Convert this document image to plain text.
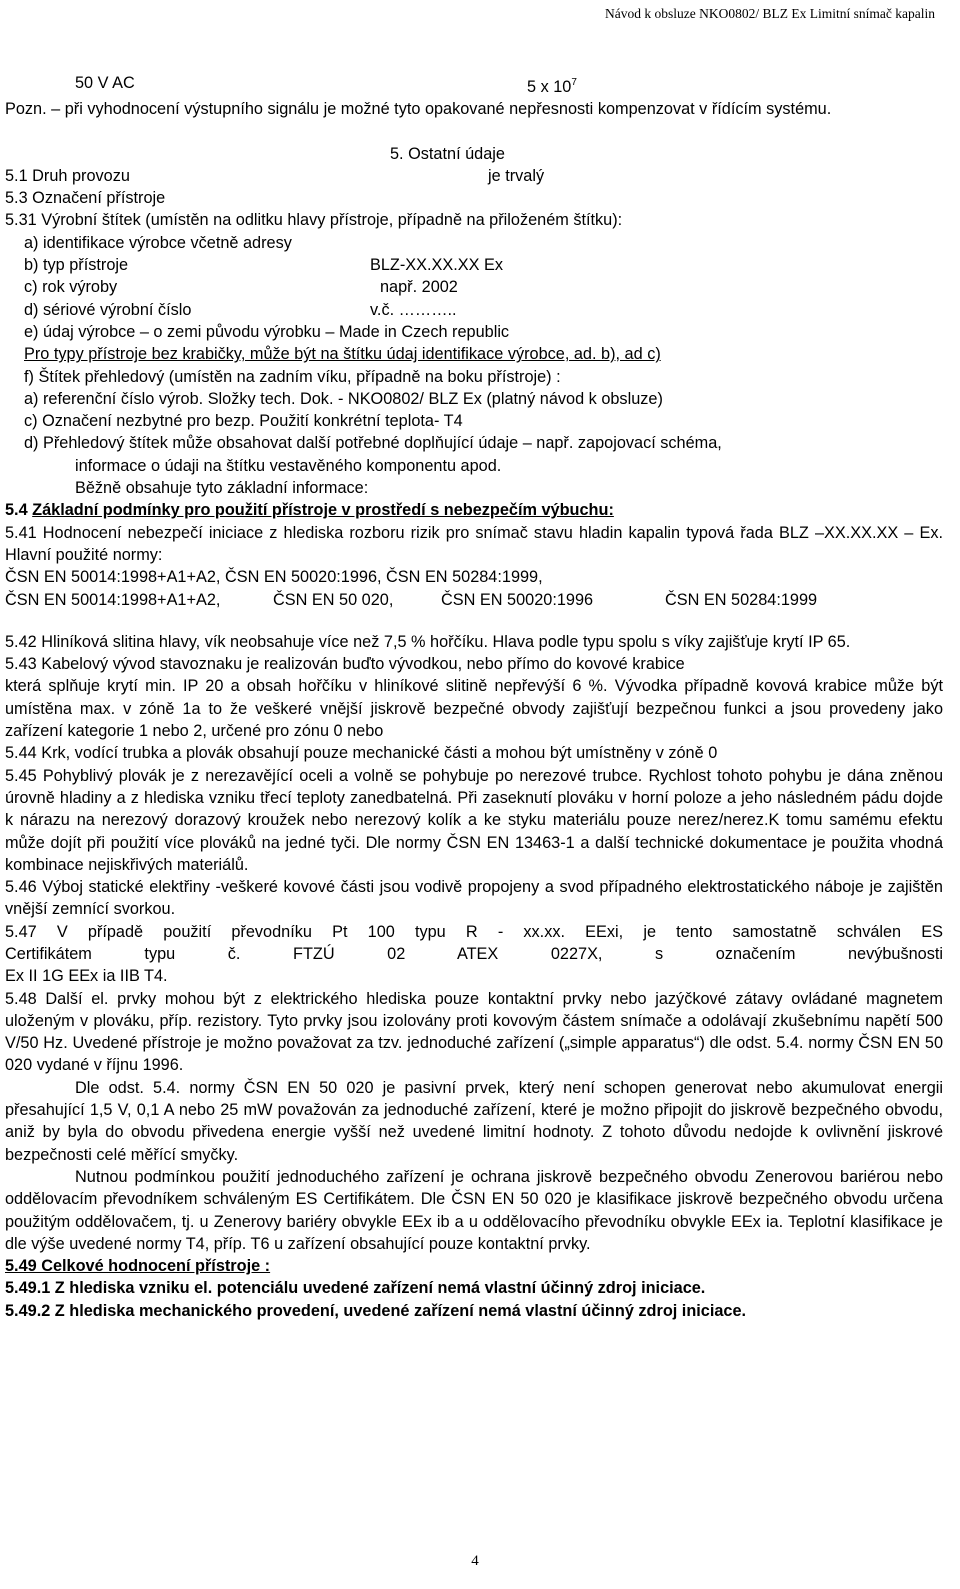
Návod k obsluze NKO0802/ BLZ Ex Limitní snímač kapalin
50 V AC	5 x $10^7$

Pozn. – při vyhodnocení výstupního signálu je možné tyto opakované nepřesnosti kompenzovat v řídícím systému.

5. Ostatní údaje
5.1 Druh provozu	je trvalý

5.3 Označení přístroje

5.31 Výrobní štítek (umístěn na odlitku hlavy přístroje, případně na přiloženém štítku):

a) identifikace výrobce včetně adresy

b) typ přístroje	BLZ-XX.XX.XX Ex
c) rok výroby	např. 2002
d) sériové výrobní číslo	v.č. ………..

e) údaj výrobce – o zemi původu výrobku – Made in Czech republic

Pro typy přístroje bez krabičky, může být na štítku údaj identifikace výrobce, ad. b), ad c)

f) Štítek přehledový (umístěn na zadním víku, případně na boku přístroje) :

a) referenční číslo výrob. Složky tech. Dok. - NKO0802/ BLZ Ex (platný návod k obsluze)

c) Označení nezbytné pro bezp. Použití konkrétní teplota- T4

d) Přehledový štítek může obsahovat další potřebné doplňující údaje – např. zapojovací schéma,

informace o údaji na štítku vestavěného komponentu apod.

Běžně obsahuje tyto základní informace:

5.4 Základní podmínky pro použití přístroje v prostředí s nebezpečím výbuchu:

5.41 Hodnocení nebezpečí iniciace z hlediska rozboru rizik pro snímač stavu hladin kapalin typová řada BLZ –XX.XX.XX – Ex. Hlavní použité normy:

ČSN EN 50014:1998+A1+A2, ČSN EN 50020:1996, ČSN EN 50284:1999,

ČSN EN 50014:1998+A1+A2,	ČSN EN 50 020,	ČSN EN 50020:1996	ČSN EN 50284:1999

5.42 Hliníková slitina hlavy, vík neobsahuje více než 7,5 % hořčíku. Hlava podle typu spolu s víky zajišťuje krytí IP 65.

5.43 Kabelový vývod stavoznaku je realizován buďto vývodkou, nebo přímo do kovové krabice

která splňuje krytí min. IP 20 a obsah hořčíku v hliníkové slitině nepřevýší 6 %. Vývodka případně kovová krabice může být umístěna max. v zóně 1a to že veškeré vnější jiskrově bezpečné obvody zajišťují bezpečnou funkci a jsou provedeny jako zařízení kategorie 1 nebo 2, určené pro zónu 0 nebo

5.44 Krk, vodící trubka a plovák obsahují pouze mechanické části a mohou být umístněny v zóně 0

5.45 Pohyblivý plovák je z nerezavějící oceli a volně se pohybuje po nerezové trubce. Rychlost tohoto pohybu je dána zněnou úrovně hladiny a z hlediska vzniku třecí teploty zanedbatelná. Při zaseknutí plováku v horní poloze a jeho následném pádu dojde k nárazu na nerezový dorazový kroužek nebo nerezový kolík a ke styku materiálu pouze nerez/nerez.K tomu samému efektu může dojít při použití více plováků na jedné tyči. Dle normy ČSN EN 13463-1 a další technické dokumentace je použita vhodná kombinace nejiskřivých materiálů.

5.46 Výboj statické elektřiny -veškeré kovové části jsou vodivě propojeny a svod případného elektrostatického náboje je zajištěn vnější zemnící svorkou.

5.47 V případě použití převodníku Pt 100 typu R - xx.xx. EExi, je tento samostatně schválen ES

Certifikátem typu č. FTZÚ 02 ATEX 0227X, s označením nevýbušnosti

Ex II 1G EEx ia IIB T4.

5.48 Další el. prvky mohou být z elektrického hlediska pouze kontaktní prvky nebo jazýčkové zátavy ovládané magnetem uloženým v plováku, příp. rezistory. Tyto prvky jsou izolovány proti kovovým částem snímače a odolávají zkušebnímu napětí 500 V/50 Hz. Uvedené přístroje je možno považovat za tzv. jednoduché zařízení („simple apparatus“) dle odst. 5.4. normy ČSN EN 50 020 vydané v říjnu 1996.

Dle odst. 5.4. normy ČSN EN 50 020 je pasivní prvek, který není schopen generovat nebo akumulovat energii přesahující 1,5 V, 0,1 A nebo 25 mW považován za jednoduché zařízení, které je možno připojit do jiskrově bezpečného obvodu, aniž by byla do obvodu přivedena energie vyšší než uvedené limitní hodnoty. Z tohoto důvodu nedojde k ovlivnění jiskrové bezpečnosti celé měřící smyčky.

Nutnou podmínkou použití jednoduchého zařízení je ochrana jiskrově bezpečného obvodu Zenerovou bariérou nebo oddělovacím převodníkem schváleným ES Certifikátem. Dle ČSN EN 50 020 je klasifikace jiskrově bezpečného obvodu určena použitým oddělovačem, tj. u Zenerovy bariéry obvykle EEx ib a u oddělovacího převodníku obvykle EEx ia. Teplotní klasifikace je dle výše uvedené normy T4, příp. T6 u zařízení obsahující pouze kontaktní prvky.

5.49 Celkové hodnocení přístroje :

5.49.1 Z hlediska vzniku el. potenciálu uvedené zařízení nemá vlastní účinný zdroj iniciace.

5.49.2 Z hlediska mechanického provedení, uvedené zařízení nemá vlastní účinný zdroj iniciace.

4
